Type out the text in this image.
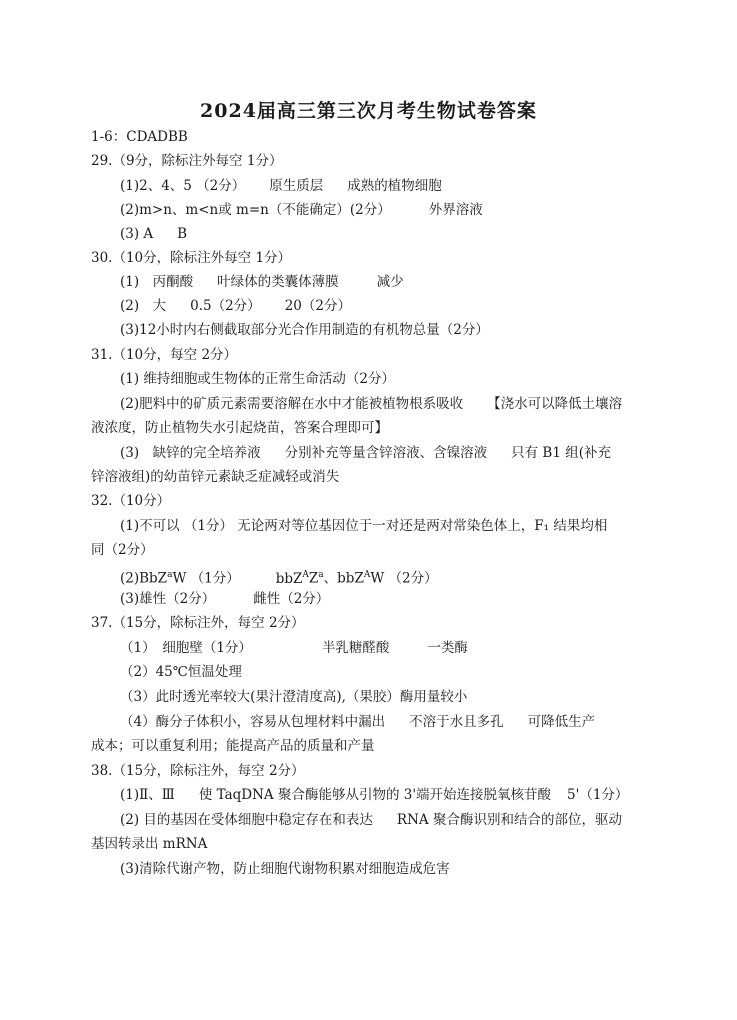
2024届高三第三次月考生物试卷答案
1-6：CDADBB
29.（9分，除标注外每空 1分）
(1)2、4、5 （2分） 原生质层 成熟的植物细胞
(2)m>n、m<n或 m=n（不能确定）(2分）	外界溶液
(3) A B
30.（10分，除标注外每空 1分）
(1)　丙酮酸 叶绿体的类囊体薄膜	减少
(2)　大 0.5（2分） 20（2分）
(3)12小时内右侧截取部分光合作用制造的有机物总量（2分）
31.（10分，每空 2分）
(1) 维持细胞或生物体的正常生命活动（2分）
(2)肥料中的矿质元素需要溶解在水中才能被植物根系吸收 【浇水可以降低土壤溶
液浓度，防止植物失水引起烧苗，答案合理即可】
(3)　缺锌的完全培养液 分别补充等量含锌溶液、含镍溶液 只有 B1 组(补充
锌溶液组)的幼苗锌元素缺乏症减轻或消失
32.（10分）
(1)不可以 （1分） 无论两对等位基因位于一对还是两对常染色体上，F₁ 结果均相
同（2分）
(2)BbZ$^a$W （1分）	$bbZ^AZ^a$、bbZ$^A$W （2分）
(3)雄性（2分）	雌性（2分）
37.（15分，除标注外，每空 2分）
（1）　细胞壁（1分）	半乳糖醛酸	一类酶
（2）45℃恒温处理
（3）此时透光率较大(果汁澄清度高),（果胶）酶用量较小
（4）酶分子体积小，容易从包埋材料中漏出 不溶于水且多孔 可降低生产
成本；可以重复利用；能提高产品的质量和产量
38.（15分，除标注外，每空 2分）
(1)Ⅱ、Ⅲ 使 TaqDNA 聚合酶能够从引物的 3'端开始连接脱氧核苷酸 5'（1分）
(2) 目的基因在受体细胞中稳定存在和表达 RNA 聚合酶识别和结合的部位，驱动
基因转录出 mRNA
(3)清除代谢产物，防止细胞代谢物积累对细胞造成危害
